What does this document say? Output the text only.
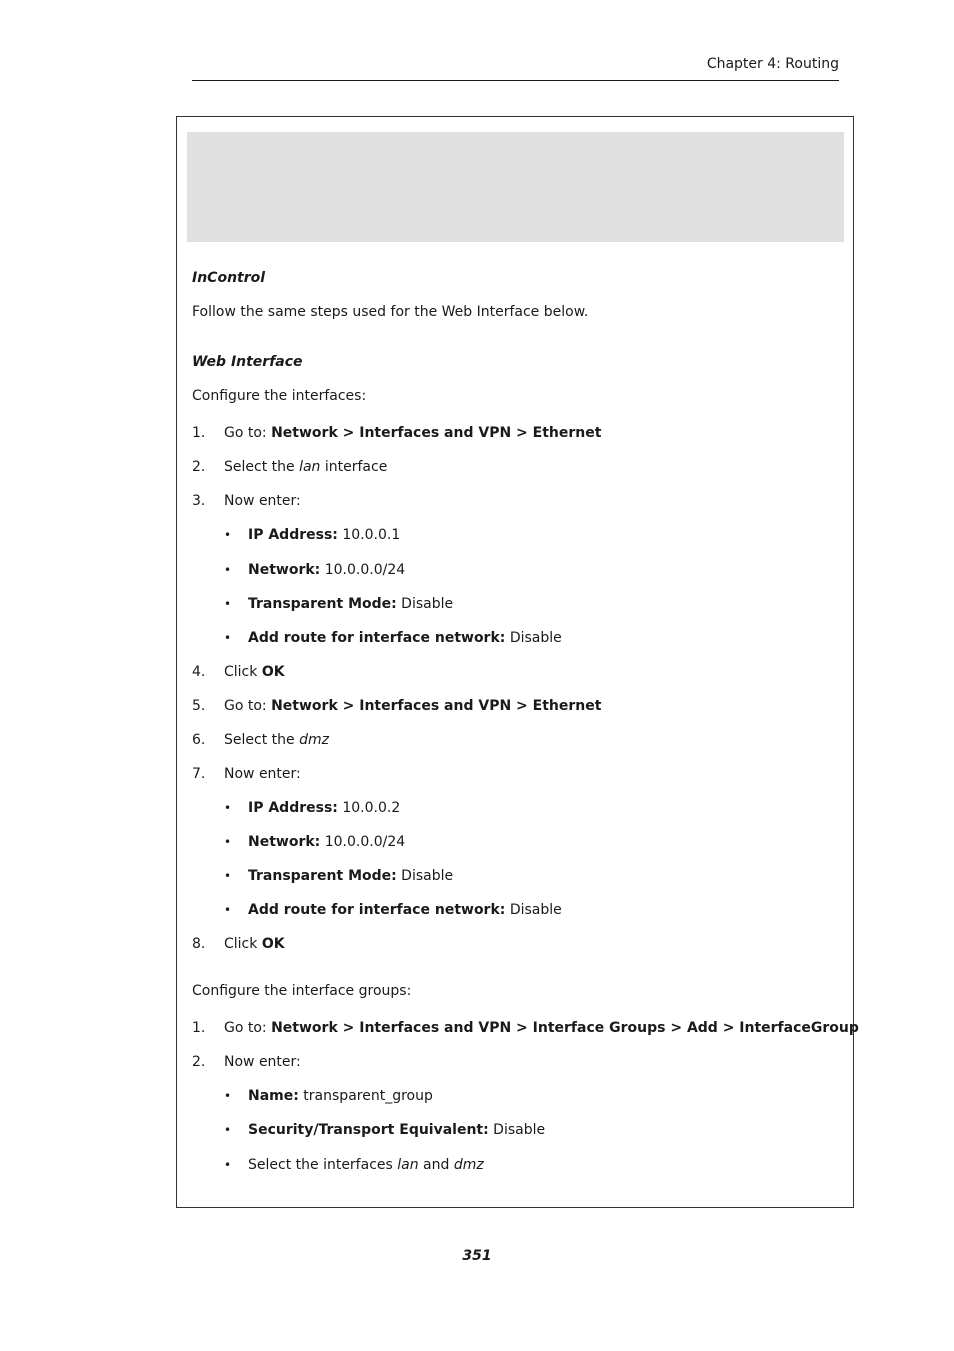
Chapter 4: Routing
InControl
Follow the same steps used for the Web Interface below.
Web Interface
Configure the interfaces:
1. Go to: Network > Interfaces and VPN > Ethernet
2. Select the lan interface
3. Now enter:
• IP Address: 10.0.0.1
• Network: 10.0.0.0/24
• Transparent Mode: Disable
• Add route for interface network: Disable
4. Click OK
5. Go to: Network > Interfaces and VPN > Ethernet
6. Select the dmz
7. Now enter:
• IP Address: 10.0.0.2
• Network: 10.0.0.0/24
• Transparent Mode: Disable
• Add route for interface network: Disable
8. Click OK
Configure the interface groups:
1. Go to: Network > Interfaces and VPN > Interface Groups > Add > InterfaceGroup
2. Now enter:
• Name: transparent_group
• Security/Transport Equivalent: Disable
• Select the interfaces lan and dmz
351
